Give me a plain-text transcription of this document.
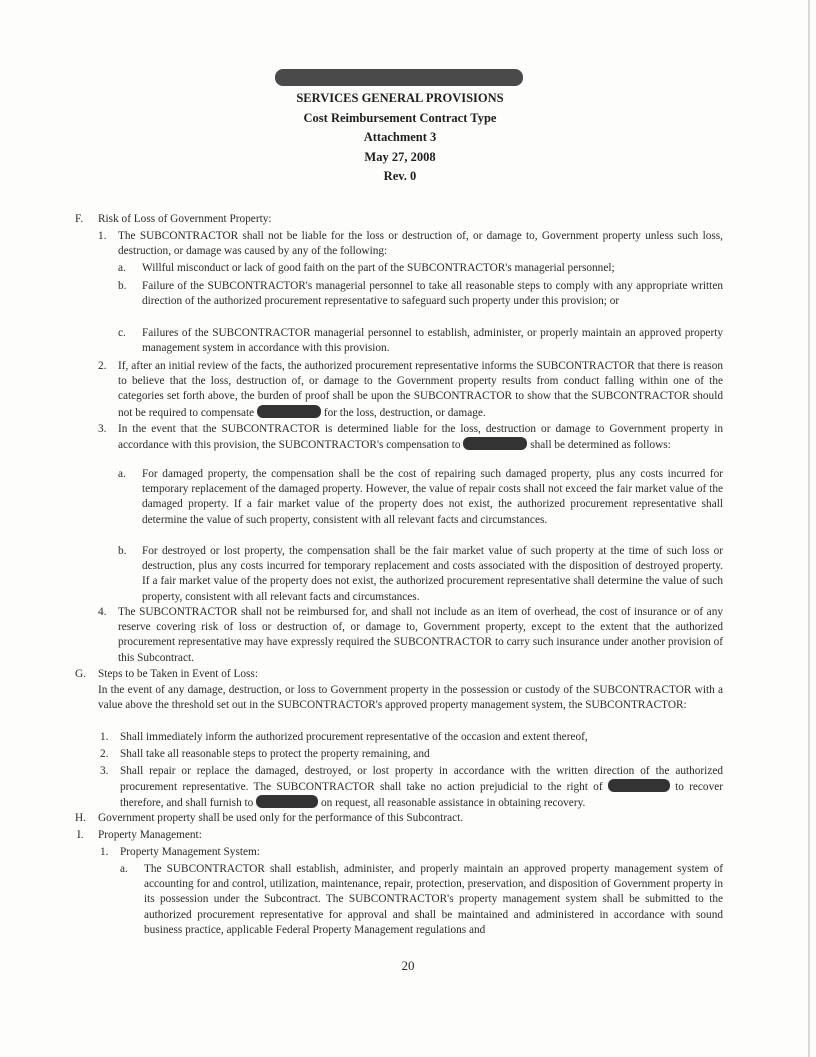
SERVICES GENERAL PROVISIONS
Cost Reimbursement Contract Type
Attachment 3
May 27, 2008
Rev. 0
F. Risk of Loss of Government Property:
1. The SUBCONTRACTOR shall not be liable for the loss or destruction of, or damage to, Government property unless such loss, destruction, or damage was caused by any of the following:
a. Willful misconduct or lack of good faith on the part of the SUBCONTRACTOR's managerial personnel;
b. Failure of the SUBCONTRACTOR's managerial personnel to take all reasonable steps to comply with any appropriate written direction of the authorized procurement representative to safeguard such property under this provision; or
c. Failures of the SUBCONTRACTOR managerial personnel to establish, administer, or properly maintain an approved property management system in accordance with this provision.
2. If, after an initial review of the facts, the authorized procurement representative informs the SUBCONTRACTOR that there is reason to believe that the loss, destruction of, or damage to the Government property results from conduct falling within one of the categories set forth above, the burden of proof shall be upon the SUBCONTRACTOR to show that the SUBCONTRACTOR should not be required to compensate	for the loss, destruction, or damage.
3. In the event that the SUBCONTRACTOR is determined liable for the loss, destruction or damage to Government property in accordance with this provision, the SUBCONTRACTOR's compensation to	shall be determined as follows:
a. For damaged property, the compensation shall be the cost of repairing such damaged property, plus any costs incurred for temporary replacement of the damaged property. However, the value of repair costs shall not exceed the fair market value of the damaged property. If a fair market value of the property does not exist, the authorized procurement representative shall determine the value of such property, consistent with all relevant facts and circumstances.
b. For destroyed or lost property, the compensation shall be the fair market value of such property at the time of such loss or destruction, plus any costs incurred for temporary replacement and costs associated with the disposition of destroyed property. If a fair market value of the property does not exist, the authorized procurement representative shall determine the value of such property, consistent with all relevant facts and circumstances.
4. The SUBCONTRACTOR shall not be reimbursed for, and shall not include as an item of overhead, the cost of insurance or of any reserve covering risk of loss or destruction of, or damage to, Government property, except to the extent that the authorized procurement representative may have expressly required the SUBCONTRACTOR to carry such insurance under another provision of this Subcontract.
G. Steps to be Taken in Event of Loss:
In the event of any damage, destruction, or loss to Government property in the possession or custody of the SUBCONTRACTOR with a value above the threshold set out in the SUBCONTRACTOR's approved property management system, the SUBCONTRACTOR:
1. Shall immediately inform the authorized procurement representative of the occasion and extent thereof,
2. Shall take all reasonable steps to protect the property remaining, and
3. Shall repair or replace the damaged, destroyed, or lost property in accordance with the written direction of the authorized procurement representative. The SUBCONTRACTOR shall take no action prejudicial to the right of	to recover therefore, and shall furnish to	on request, all reasonable assistance in obtaining recovery.
H. Government property shall be used only for the performance of this Subcontract.
I. Property Management:
1. Property Management System:
a. The SUBCONTRACTOR shall establish, administer, and properly maintain an approved property management system of accounting for and control, utilization, maintenance, repair, protection, preservation, and disposition of Government property in its possession under the Subcontract. The SUBCONTRACTOR's property management system shall be submitted to the authorized procurement representative for approval and shall be maintained and administered in accordance with sound business practice, applicable Federal Property Management regulations and
20
